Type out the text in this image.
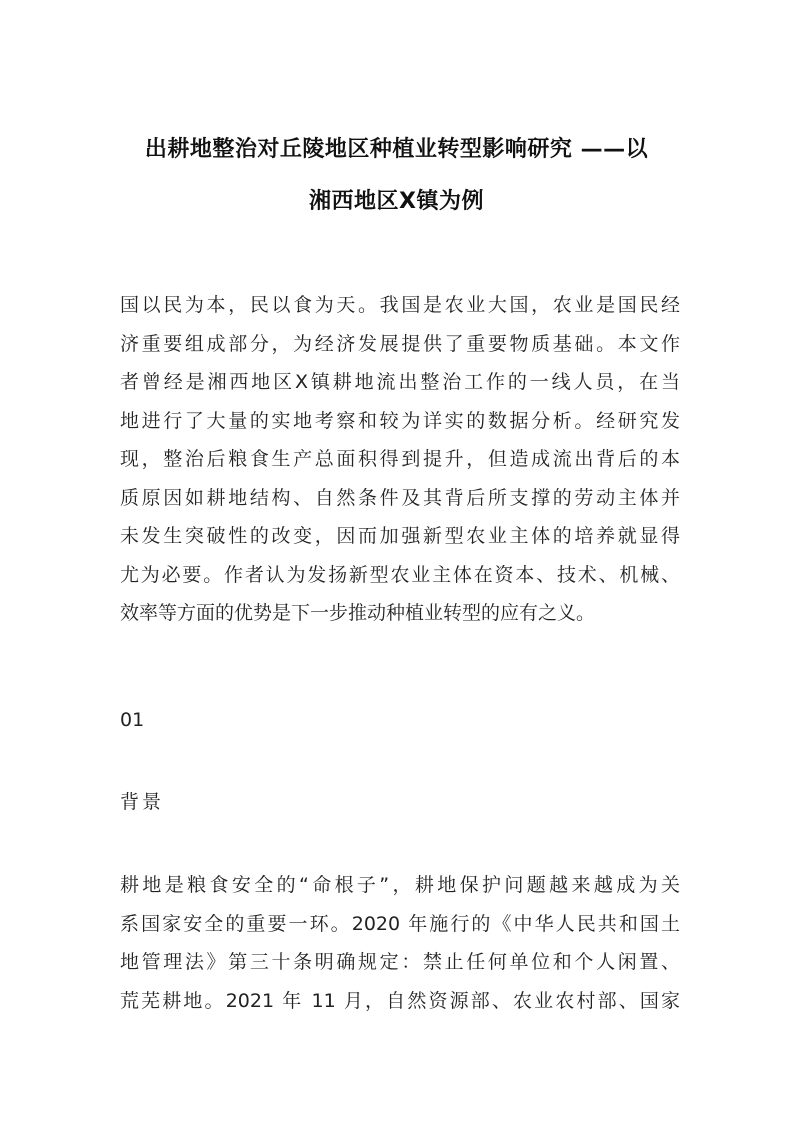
出耕地整治对丘陵地区种植业转型影响研究 ——以
湘西地区X镇为例
国以民为本，民以食为天。我国是农业大国，农业是国民经
济重要组成部分，为经济发展提供了重要物质基础。本文作
者曾经是湘西地区X镇耕地流出整治工作的一线人员，在当
地进行了大量的实地考察和较为详实的数据分析。经研究发
现，整治后粮食生产总面积得到提升，但造成流出背后的本
质原因如耕地结构、自然条件及其背后所支撑的劳动主体并
未发生突破性的改变，因而加强新型农业主体的培养就显得
尤为必要。作者认为发扬新型农业主体在资本、技术、机械、
效率等方面的优势是下一步推动种植业转型的应有之义。
01
背景
耕地是粮食安全的“命根子”，耕地保护问题越来越成为关
系国家安全的重要一环。2020 年施行的《中华人民共和国土
地管理法》第三十条明确规定：禁止任何单位和个人闲置、
荒芜耕地。2021 年 11 月，自然资源部、农业农村部、国家
